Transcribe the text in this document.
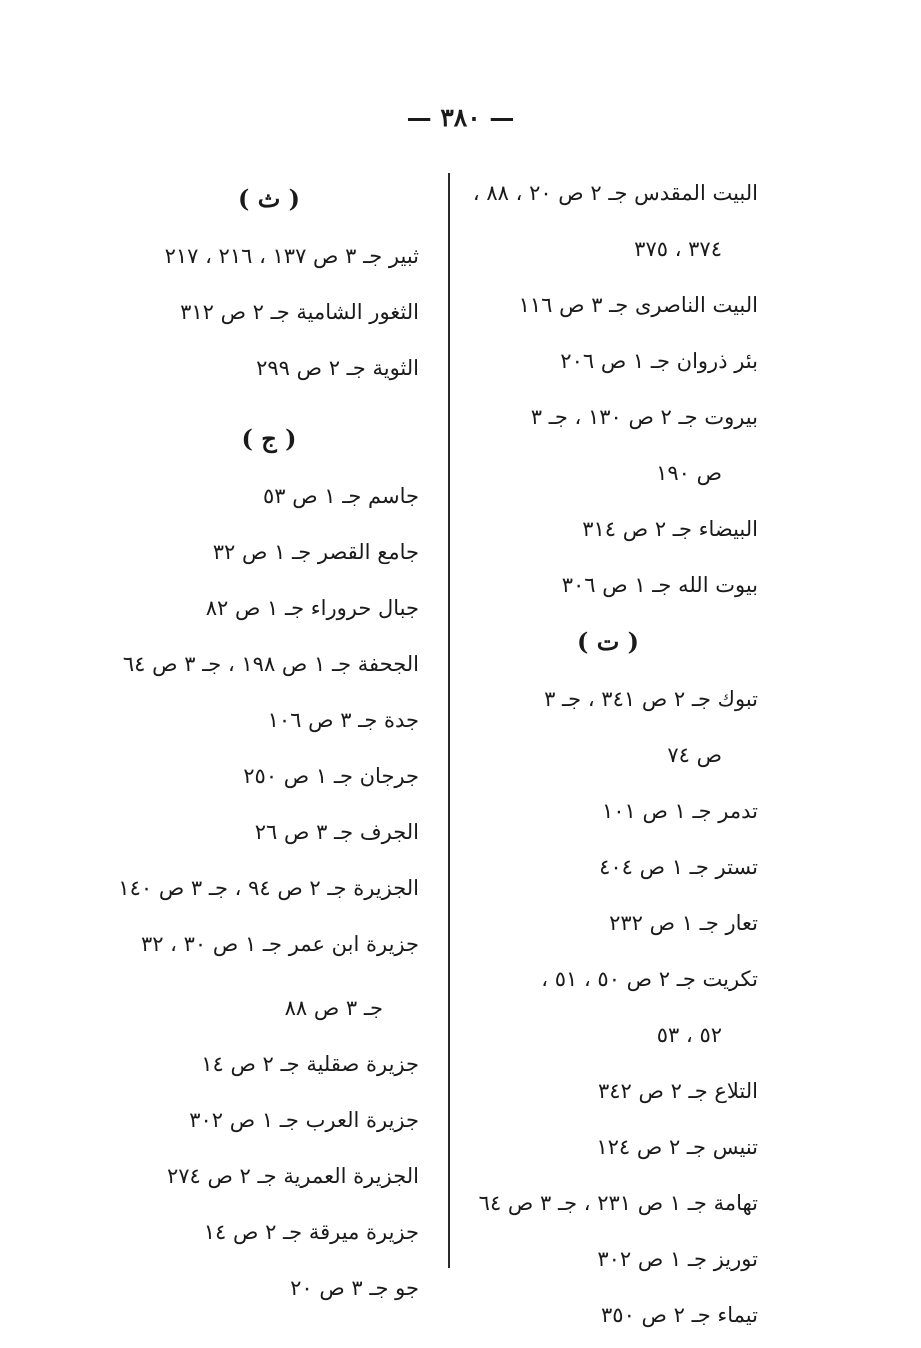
— ٣٨٠ —
البيت المقدس جـ ٢ ص ٢٠ ، ٨٨ ،
٣٧٤ ، ٣٧٥
البيت الناصرى جـ ٣ ص ١١٦
بئر ذروان جـ ١ ص ٢٠٦
بيروت جـ ٢ ص ١٣٠ ، جـ ٣
ص ١٩٠
البيضاء جـ ٢ ص ٣١٤
بيوت الله جـ ١ ص ٣٠٦
( ت )
تبوك جـ ٢ ص ٣٤١ ، جـ ٣
ص ٧٤
تدمر جـ ١ ص ١٠١
تستر جـ ١ ص ٤٠٤
تعار جـ ١ ص ٢٣٢
تكريت جـ ٢ ص ٥٠ ، ٥١ ،
٥٢ ، ٥٣
التلاع جـ ٢ ص ٣٤٢
تنيس جـ ٢ ص ١٢٤
تهامة جـ ١ ص ٢٣١ ، جـ ٣ ص ٦٤
توريز جـ ١ ص ٣٠٢
تيماء جـ ٢ ص ٣٥٠
( ث )
ثبير جـ ٣ ص ١٣٧ ، ٢١٦ ، ٢١٧
الثغور الشامية جـ ٢ ص ٣١٢
الثوية جـ ٢ ص ٢٩٩
( ج )
جاسم جـ ١ ص ٥٣
جامع القصر جـ ١ ص ٣٢
جبال حروراء جـ ١ ص ٨٢
الجحفة جـ ١ ص ١٩٨ ، جـ ٣ ص ٦٤
جدة جـ ٣ ص ١٠٦
جرجان جـ ١ ص ٢٥٠
الجرف جـ ٣ ص ٢٦
الجزيرة جـ ٢ ص ٩٤ ، جـ ٣ ص ١٤٠
جزيرة ابن عمر جـ ١ ص ٣٠ ، ٣٢
جـ ٣ ص ٨٨
جزيرة صقلية جـ ٢ ص ١٤
جزيرة العرب جـ ١ ص ٣٠٢
الجزيرة العمرية جـ ٢ ص ٢٧٤
جزيرة ميرقة جـ ٢ ص ١٤
جو جـ ٣ ص ٢٠
